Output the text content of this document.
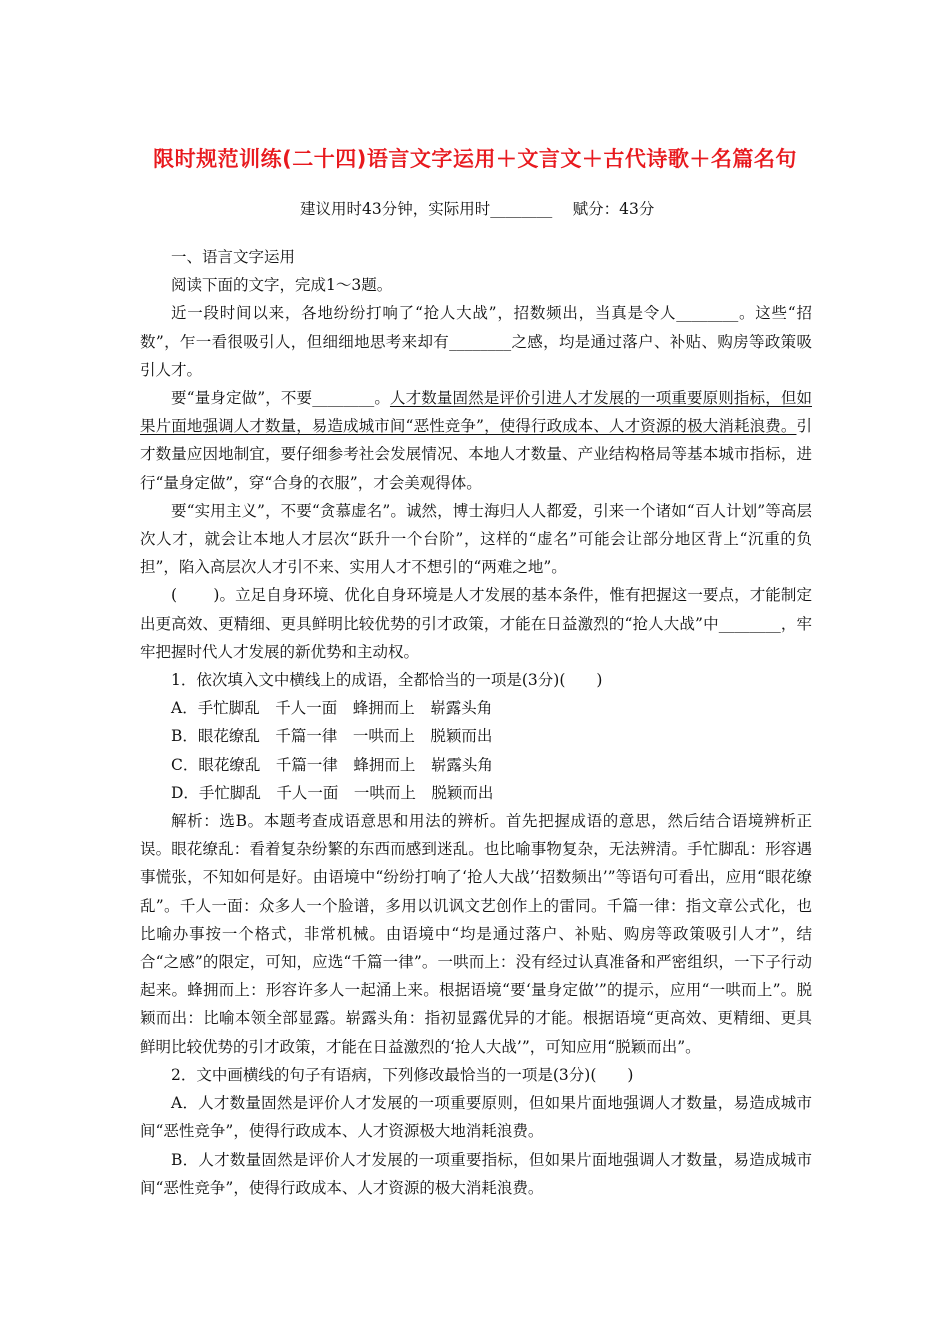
限时规范训练(二十四)语言文字运用＋文言文＋古代诗歌＋名篇名句
建议用时43分钟，实际用时________　 赋分：43分

一、语言文字运用

阅读下面的文字，完成1～3题。

近一段时间以来，各地纷纷打响了“抢人大战”，招数频出，当真是令人________。这些“招数”，乍一看很吸引人，但细细地思考来却有________之感，均是通过落户、补贴、购房等政策吸引人才。

要“量身定做”，不要________。人才数量固然是评价引进人才发展的一项重要原则指标，但如果片面地强调人才数量，易造成城市间“恶性竞争”，使得行政成本、人才资源的极大消耗浪费。引才数量应因地制宜，要仔细参考社会发展情况、本地人才数量、产业结构格局等基本城市指标，进行“量身定做”，穿“合身的衣服”，才会美观得体。

要“实用主义”，不要“贪慕虚名”。诚然，博士海归人人都爱，引来一个诸如“百人计划”等高层次人才，就会让本地人才层次“跃升一个台阶”，这样的“虚名”可能会让部分地区背上“沉重的负担”，陷入高层次人才引不来、实用人才不想引的“两难之地”。

(　　 )。立足自身环境、优化自身环境是人才发展的基本条件，惟有把握这一要点，才能制定出更高效、更精细、更具鲜明比较优势的引才政策，才能在日益激烈的“抢人大战”中________，牢牢把握时代人才发展的新优势和主动权。

1．依次填入文中横线上的成语，全都恰当的一项是(3分)(　　)

A．手忙脚乱　千人一面　蜂拥而上　崭露头角

B．眼花缭乱　千篇一律　一哄而上　脱颖而出

C．眼花缭乱　千篇一律　蜂拥而上　崭露头角

D．手忙脚乱　千人一面　一哄而上　脱颖而出

解析：选B。本题考查成语意思和用法的辨析。首先把握成语的意思，然后结合语境辨析正误。眼花缭乱：看着复杂纷繁的东西而感到迷乱。也比喻事物复杂，无法辨清。手忙脚乱：形容遇事慌张，不知如何是好。由语境中“纷纷打响了‘抢人大战’‘招数频出’”等语句可看出，应用“眼花缭乱”。千人一面：众多人一个脸谱，多用以讥讽文艺创作上的雷同。千篇一律：指文章公式化，也比喻办事按一个格式，非常机械。由语境中“均是通过落户、补贴、购房等政策吸引人才”，结合“之感”的限定，可知，应选“千篇一律”。一哄而上：没有经过认真准备和严密组织，一下子行动起来。蜂拥而上：形容许多人一起涌上来。根据语境“要‘量身定做’”的提示，应用“一哄而上”。脱颖而出：比喻本领全部显露。崭露头角：指初显露优异的才能。根据语境“更高效、更精细、更具鲜明比较优势的引才政策，才能在日益激烈的‘抢人大战’”，可知应用“脱颖而出”。

2．文中画横线的句子有语病，下列修改最恰当的一项是(3分)(　　)

A．人才数量固然是评价人才发展的一项重要原则，但如果片面地强调人才数量，易造成城市间“恶性竞争”，使得行政成本、人才资源极大地消耗浪费。

B．人才数量固然是评价人才发展的一项重要指标，但如果片面地强调人才数量，易造成城市间“恶性竞争”，使得行政成本、人才资源的极大消耗浪费。
